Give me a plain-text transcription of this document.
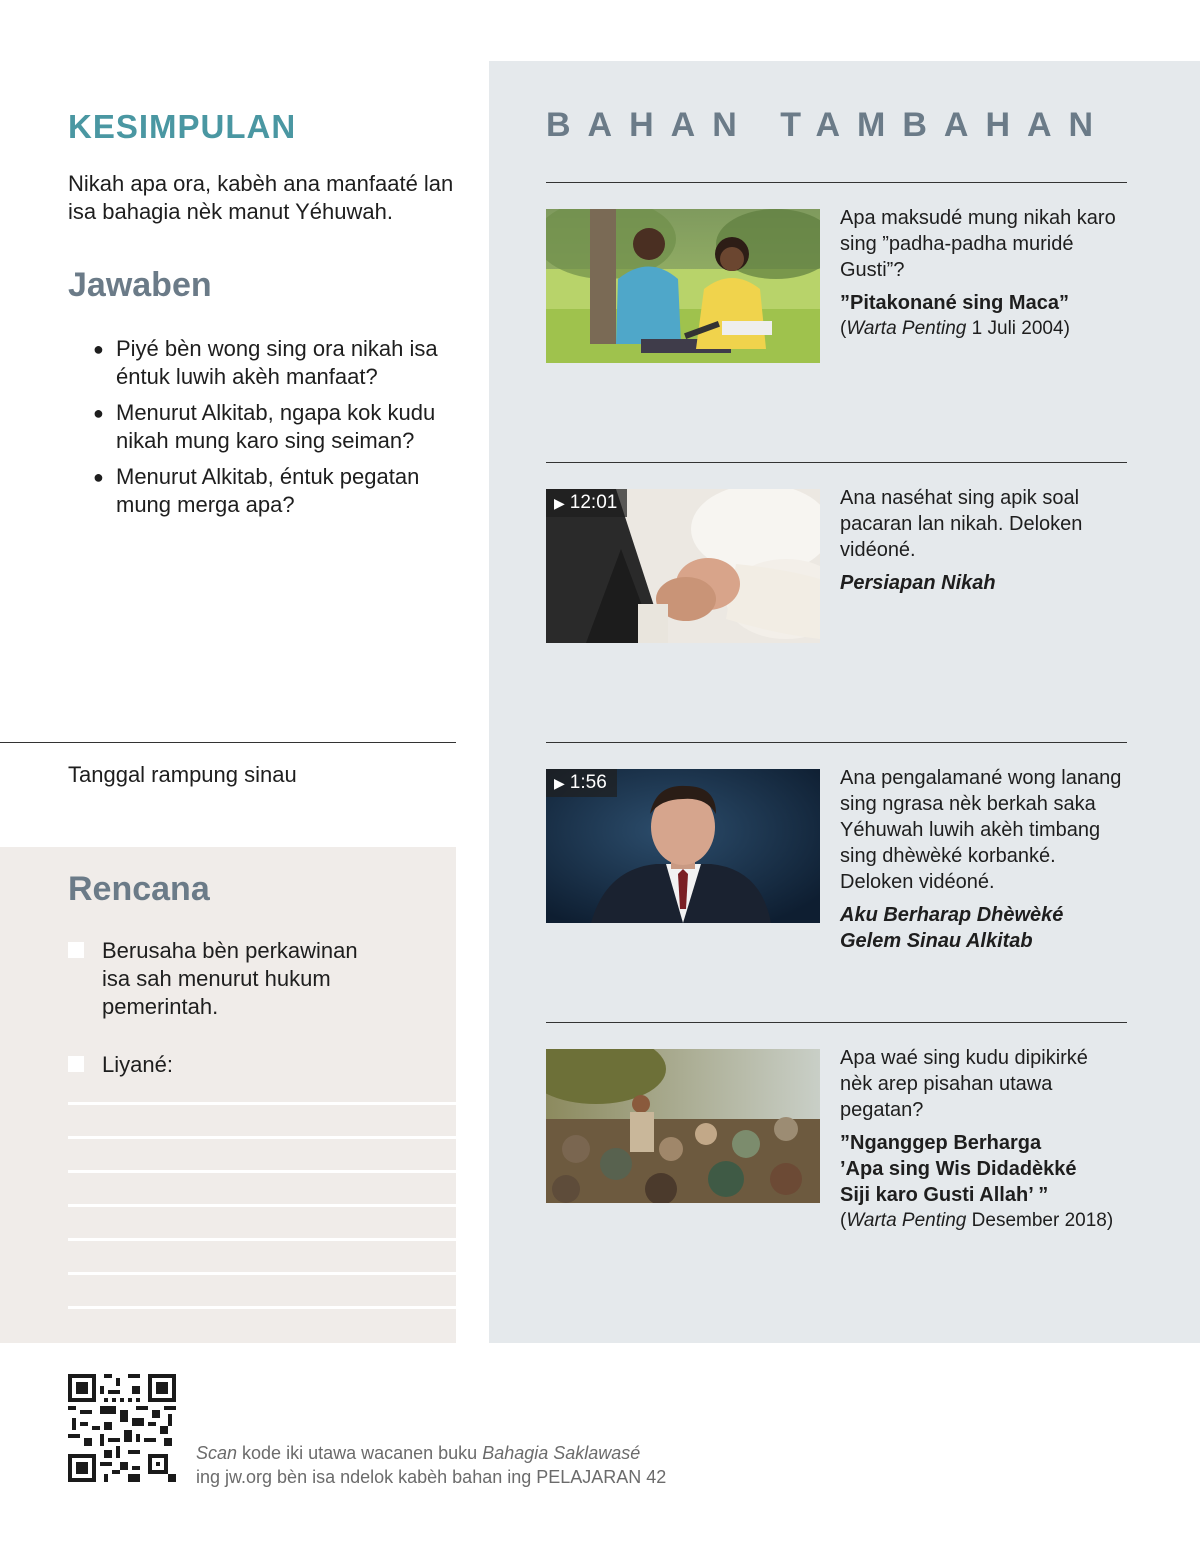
KESIMPULAN
Nikah apa ora, kabèh ana manfaaté lan isa bahagia nèk manut Yéhuwah.
Jawaben
● Piyé bèn wong sing ora nikah isa éntuk luwih akèh manfaat?
● Menurut Alkitab, ngapa kok kudu nikah mung karo sing seiman?
● Menurut Alkitab, éntuk pegatan mung merga apa?
Tanggal rampung sinau
Rencana
Berusaha bèn perkawinan isa sah menurut hukum pemerintah.
Liyané:
BAHAN TAMBAHAN
Apa maksudé mung nikah karo sing ”padha-padha muridé Gusti”?
”Pitakonané sing Maca”
(Warta Penting 1 Juli 2004)
▶ 12:01	Ana naséhat sing apik soal pacaran lan nikah. Deloken vidéoné.
Persiapan Nikah
▶ 1:56	Ana pengalamané wong lanang sing ngrasa nèk berkah saka Yéhuwah luwih akèh timbang sing dhèwèké korbanké. Deloken vidéoné.
Aku Berharap Dhèwèké Gelem Sinau Alkitab
Apa waé sing kudu dipikirké nèk arep pisahan utawa pegatan?
”Nganggep Berharga ’Apa sing Wis Didadèkké Siji karo Gusti Allah’ ”
(Warta Penting Desember 2018)
Scan kode iki utawa wacanen buku Bahagia Saklawasé
ing jw.org bèn isa ndelok kabèh bahan ing PELAJARAN 42
